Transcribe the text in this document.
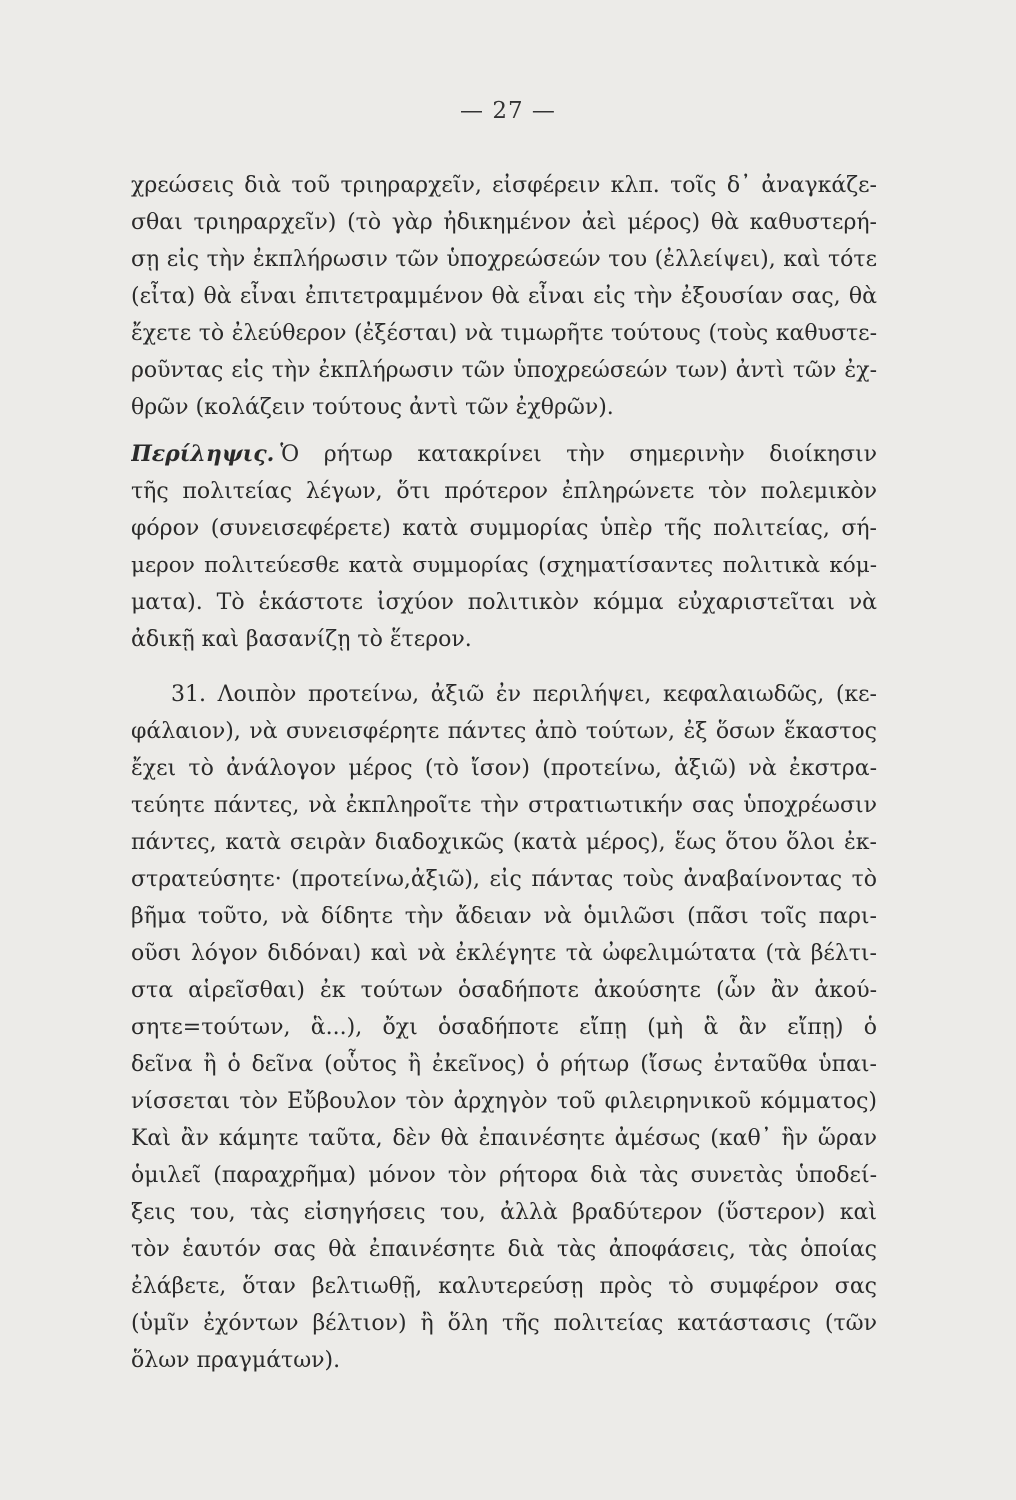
— 27 —
χρεώσεις διὰ τοῦ τριηραρχεῖν, εἰσφέρειν κλπ. τοῖς δ᾽ ἀναγκάζε-
σθαι τριηραρχεῖν) (τὸ γὰρ ἠδικημένον ἀεὶ μέρος) θὰ καθυστερή-
σῃ εἰς τὴν ἐκπλήρωσιν τῶν ὑποχρεώσεών του (ἐλλείψει), καὶ τότε
(εἶτα) θὰ εἶναι ἐπιτετραμμένον θὰ εἶναι εἰς τὴν ἐξουσίαν σας, θὰ
ἔχετε τὸ ἐλεύθερον (ἐξέσται) νὰ τιμωρῆτε τούτους (τοὺς καθυστε-
ροῦντας εἰς τὴν ἐκπλήρωσιν τῶν ὑποχρεώσεών των) ἀντὶ τῶν ἐχ-
θρῶν (κολάζειν τούτους ἀντὶ τῶν ἐχθρῶν).
Περίληψις. Ὁ ρήτωρ κατακρίνει τὴν σημερινὴν διοίκησιν
τῆς πολιτείας λέγων, ὅτι πρότερον ἐπληρώνετε τὸν πολεμικὸν
φόρον (συνεισεφέρετε) κατὰ συμμορίας ὑπὲρ τῆς πολιτείας, σή-
μερον πολιτεύεσθε κατὰ συμμορίας (σχηματίσαντες πολιτικὰ κόμ-
ματα). Τὸ ἑκάστοτε ἰσχύον πολιτικὸν κόμμα εὐχαριστεῖται νὰ
ἀδικῇ καὶ βασανίζῃ τὸ ἕτερον.
31. Λοιπὸν προτείνω, ἀξιῶ ἐν περιλήψει, κεφαλαιωδῶς, (κε-
φάλαιον), νὰ συνεισφέρητε πάντες ἀπὸ τούτων, ἐξ ὅσων ἕκαστος
ἔχει τὸ ἀνάλογον μέρος (τὸ ἴσον) (προτείνω, ἀξιῶ) νὰ ἐκστρα-
τεύητε πάντες, νὰ ἐκπληροῖτε τὴν στρατιωτικήν σας ὑποχρέωσιν
πάντες, κατὰ σειρὰν διαδοχικῶς (κατὰ μέρος), ἕως ὅτου ὅλοι ἐκ-
στρατεύσητε· (προτείνω,ἀξιῶ), εἰς πάντας τοὺς ἀναβαίνοντας τὸ
βῆμα τοῦτο, νὰ δίδητε τὴν ἄδειαν νὰ ὁμιλῶσι (πᾶσι τοῖς παρι-
οῦσι λόγον διδόναι) καὶ νὰ ἐκλέγητε τὰ ὠφελιμώτατα (τὰ βέλτι-
στα αἱρεῖσθαι) ἐκ τούτων ὁσαδήποτε ἀκούσητε (ὧν ἂν ἀκού-
σητε=τούτων, ἃ...), ὄχι ὁσαδήποτε εἴπῃ (μὴ ἃ ἂν εἴπῃ) ὁ
δεῖνα ἢ ὁ δεῖνα (οὗτος ἢ ἐκεῖνος) ὁ ρήτωρ (ἴσως ἐνταῦθα ὑπαι-
νίσσεται τὸν Εὔβουλον τὸν ἀρχηγὸν τοῦ φιλειρηνικοῦ κόμματος)
Καὶ ἂν κάμητε ταῦτα, δὲν θὰ ἐπαινέσητε ἀμέσως (καθ᾽ ἣν ὥραν
ὁμιλεῖ (παραχρῆμα) μόνον τὸν ρήτορα διὰ τὰς συνετὰς ὑποδεί-
ξεις του, τὰς εἰσηγήσεις του, ἀλλὰ βραδύτερον (ὕστερον) καὶ
τὸν ἑαυτόν σας θὰ ἐπαινέσητε διὰ τὰς ἀποφάσεις, τὰς ὁποίας
ἐλάβετε, ὅταν βελτιωθῇ, καλυτερεύσῃ πρὸς τὸ συμφέρον σας
(ὑμῖν ἐχόντων βέλτιον) ἢ ὅλη τῆς πολιτείας κατάστασις (τῶν
ὅλων πραγμάτων).
